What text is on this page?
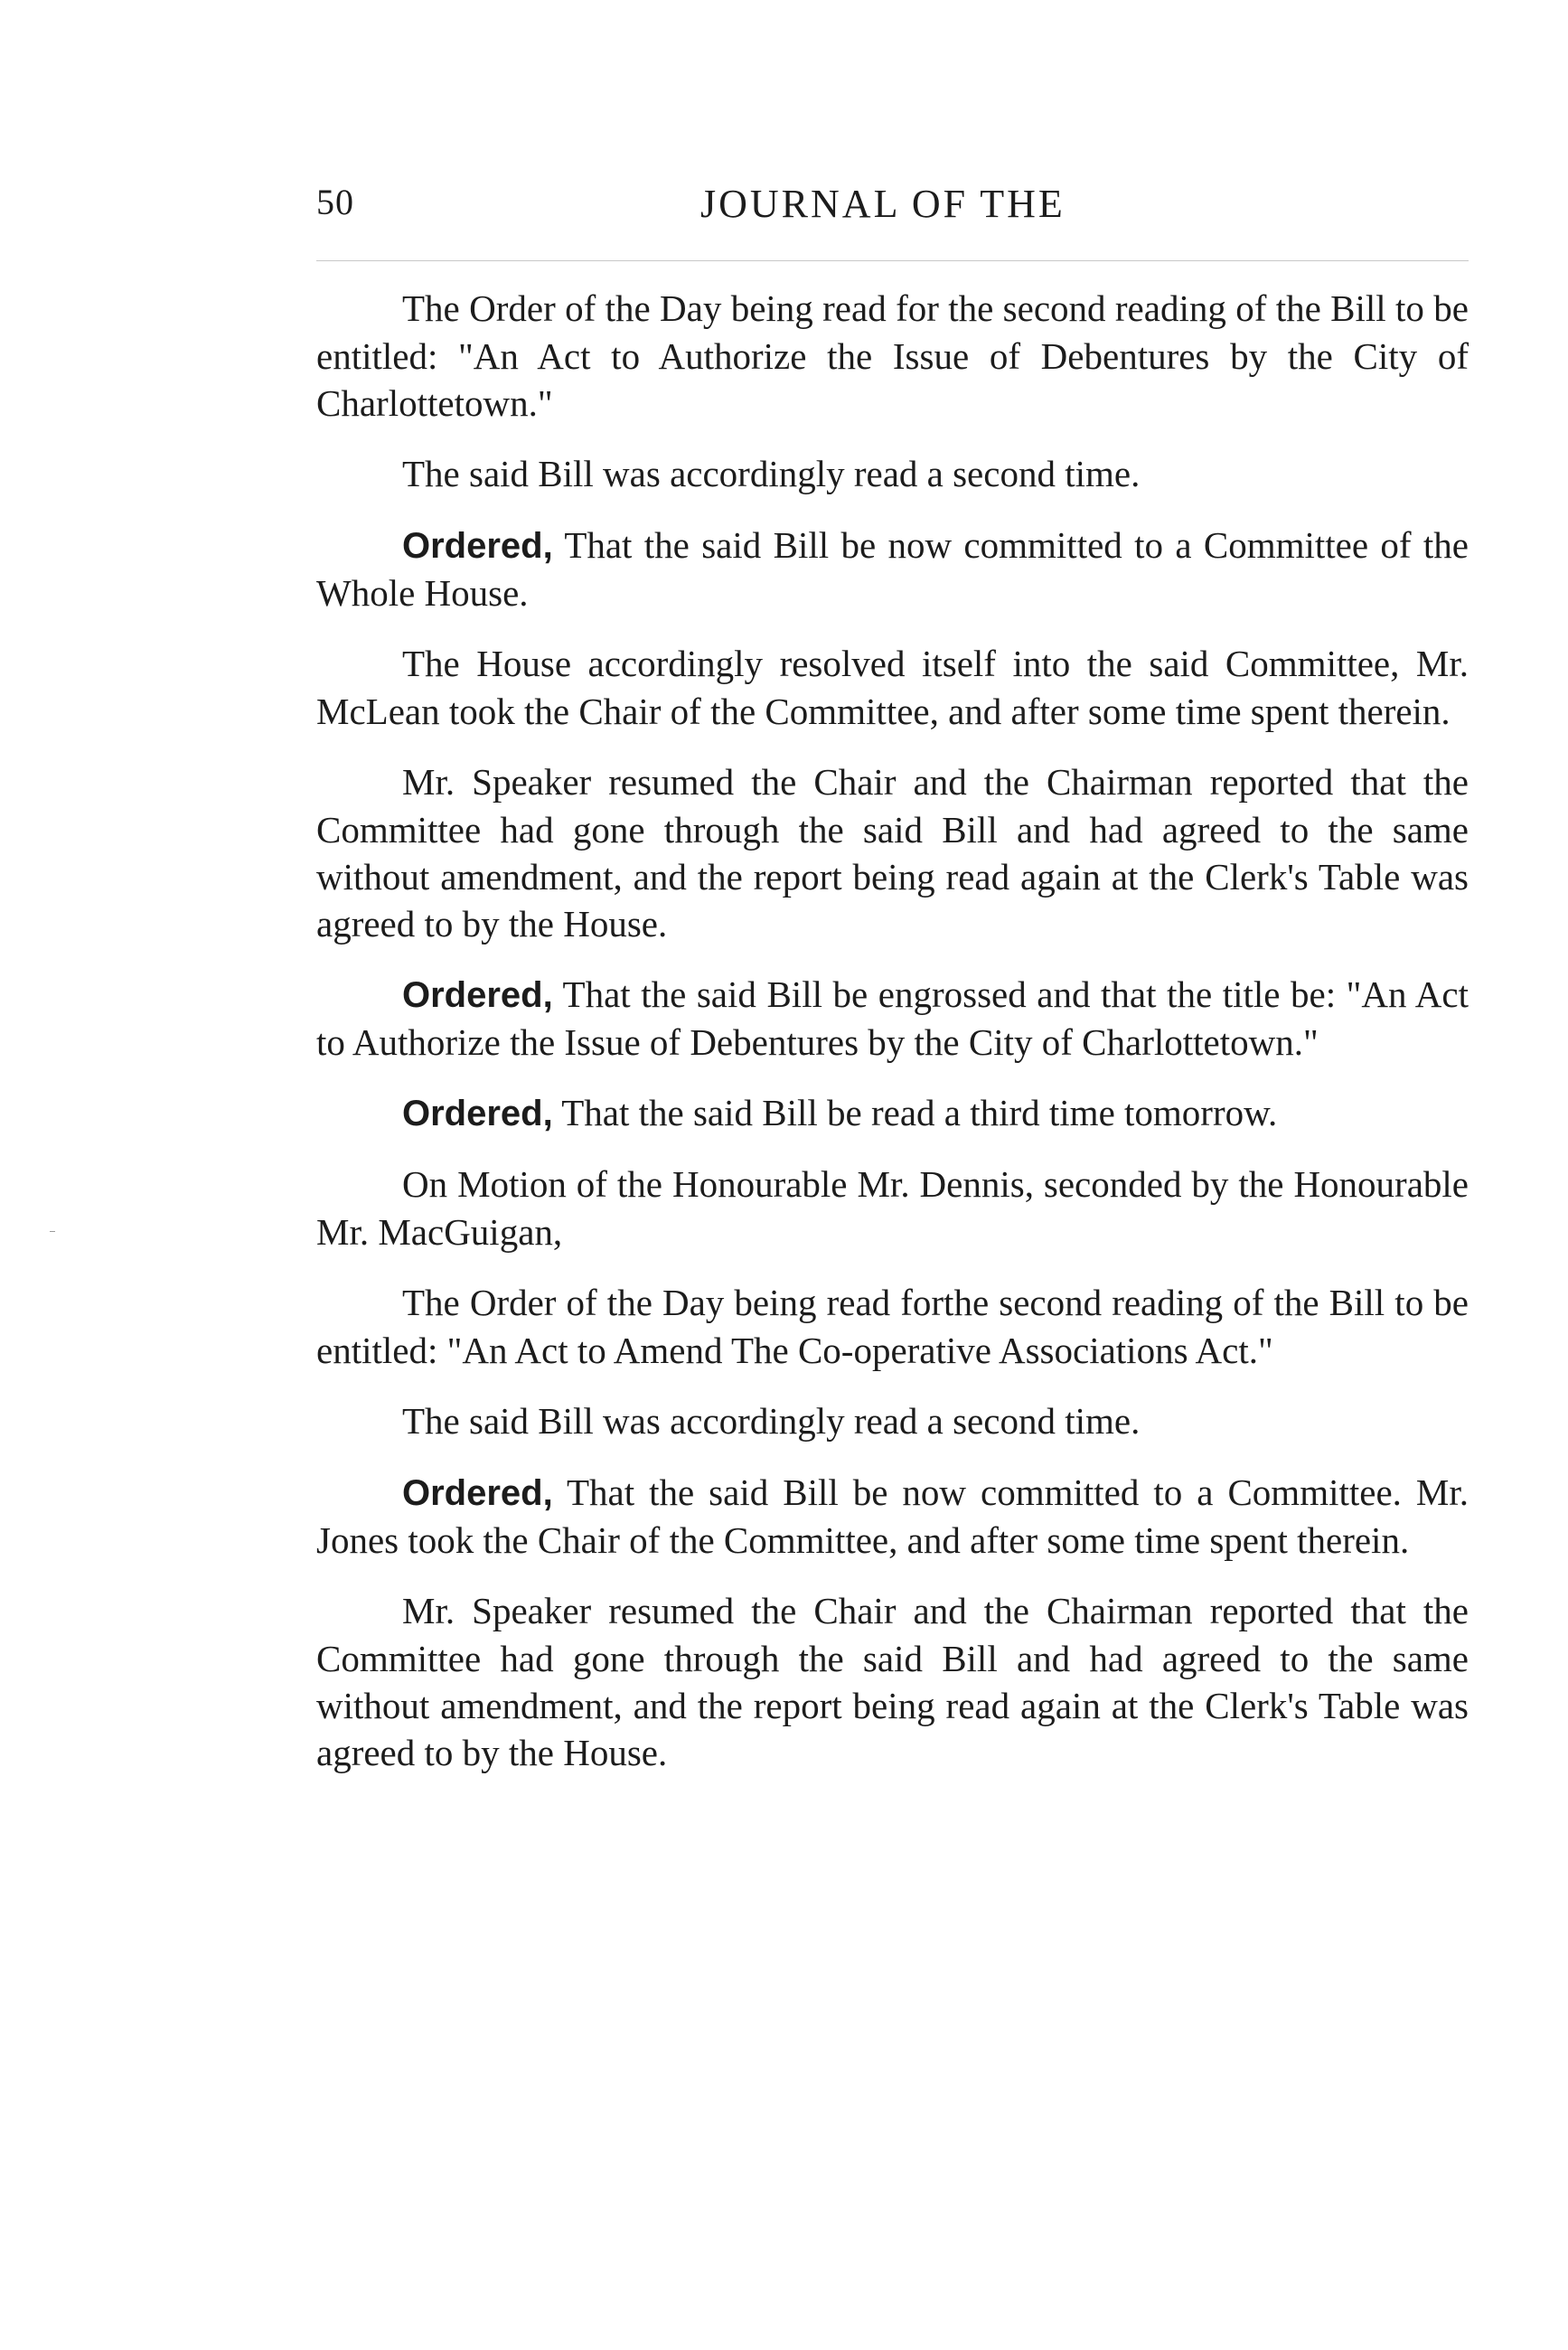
50	JOURNAL OF THE

The Order of the Day being read for the second reading of the Bill to be entitled: "An Act to Authorize the Issue of Debentures by the City of Charlottetown."

The said Bill was accordingly read a second time.

Ordered, That the said Bill be now committed to a Committee of the Whole House.

The House accordingly resolved itself into the said Committee, Mr. McLean took the Chair of the Committee, and after some time spent therein.

Mr. Speaker resumed the Chair and the Chairman reported that the Committee had gone through the said Bill and had agreed to the same without amendment, and the report being read again at the Clerk's Table was agreed to by the House.

Ordered, That the said Bill be engrossed and that the title be: "An Act to Authorize the Issue of Debentures by the City of Charlottetown."

Ordered, That the said Bill be read a third time tomorrow.

On Motion of the Honourable Mr. Dennis, seconded by the Honourable Mr. MacGuigan,

The Order of the Day being read forthe second reading of the Bill to be entitled: "An Act to Amend The Co-operative Associations Act."

The said Bill was accordingly read a second time.

Ordered, That the said Bill be now committed to a Committee. Mr. Jones took the Chair of the Committee, and after some time spent therein.

Mr. Speaker resumed the Chair and the Chairman reported that the Committee had gone through the said Bill and had agreed to the same without amendment, and the report being read again at the Clerk's Table was agreed to by the House.
